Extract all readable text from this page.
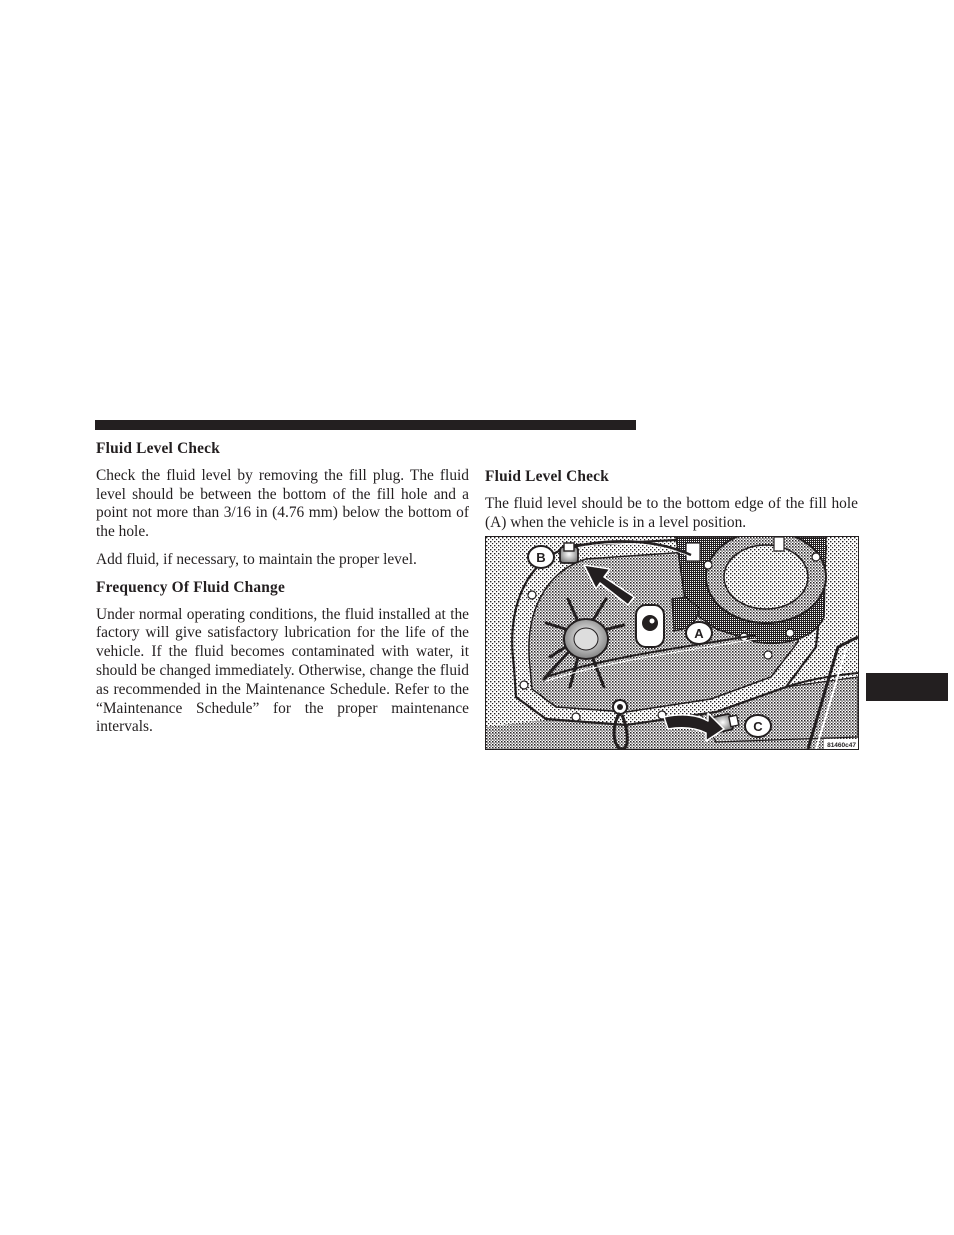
Fluid Level Check

Check the fluid level by removing the fill plug. The fluid level should be between the bottom of the fill hole and a point not more than 3/16 in (4.76 mm) below the bottom of the hole.

Add fluid, if necessary, to maintain the proper level.

Frequency Of Fluid Change

Under normal operating conditions, the fluid installed at the factory will give satisfactory lubrication for the life of the vehicle. If the fluid becomes contaminated with water, it should be changed immediately. Otherwise, change the fluid as recommended in the Maintenance Schedule. Refer to the “Maintenance Schedule” for the proper maintenance intervals.

Fluid Level Check

The fluid level should be to the bottom edge of the fill hole (A) when the vehicle is in a level position.

B
A
C
81460c47
